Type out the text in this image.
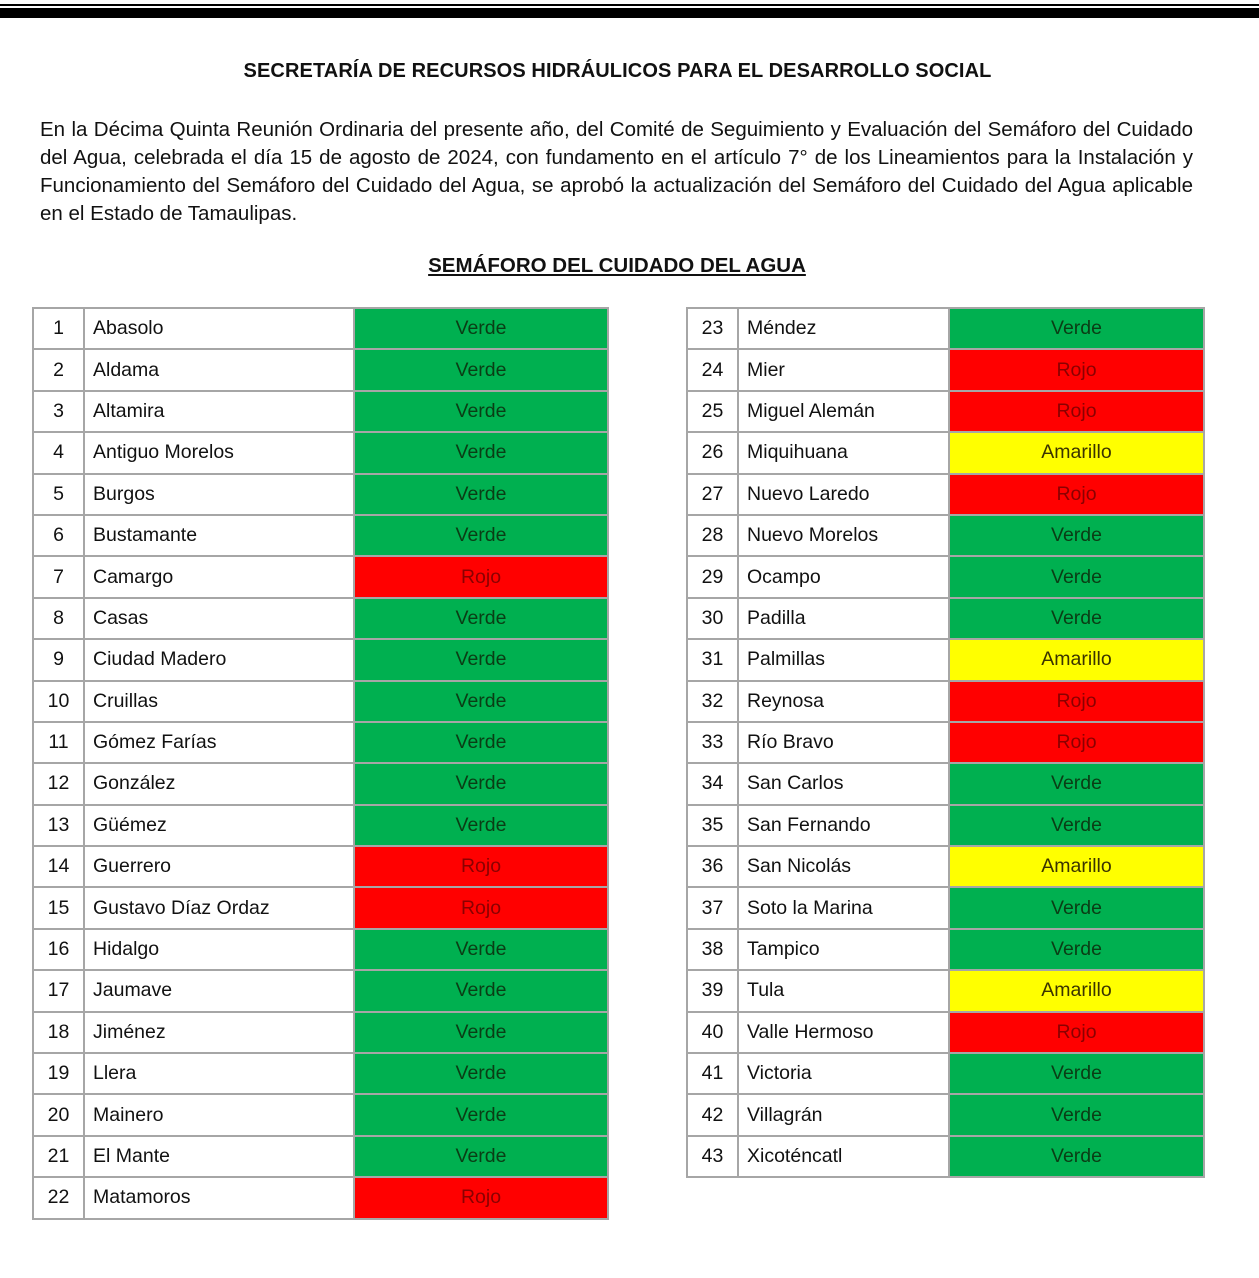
SECRETARÍA DE RECURSOS HIDRÁULICOS PARA EL DESARROLLO SOCIAL
En la Décima Quinta Reunión Ordinaria del presente año, del Comité de Seguimiento y Evaluación del Semáforo del Cuidado del Agua, celebrada el día 15 de agosto de 2024, con fundamento en el artículo 7° de los Lineamientos para la Instalación y Funcionamiento del Semáforo del Cuidado del Agua, se aprobó la actualización del Semáforo del Cuidado del Agua aplicable en el Estado de Tamaulipas.
SEMÁFORO DEL CUIDADO DEL AGUA
1	Abasolo	Verde
2	Aldama	Verde
3	Altamira	Verde
4	Antiguo Morelos	Verde
5	Burgos	Verde
6	Bustamante	Verde
7	Camargo	Rojo
8	Casas	Verde
9	Ciudad Madero	Verde
10	Cruillas	Verde
11	Gómez Farías	Verde
12	González	Verde
13	Güémez	Verde
14	Guerrero	Rojo
15	Gustavo Díaz Ordaz	Rojo
16	Hidalgo	Verde
17	Jaumave	Verde
18	Jiménez	Verde
19	Llera	Verde
20	Mainero	Verde
21	El Mante	Verde
22	Matamoros	Rojo
23	Méndez	Verde
24	Mier	Rojo
25	Miguel Alemán	Rojo
26	Miquihuana	Amarillo
27	Nuevo Laredo	Rojo
28	Nuevo Morelos	Verde
29	Ocampo	Verde
30	Padilla	Verde
31	Palmillas	Amarillo
32	Reynosa	Rojo
33	Río Bravo	Rojo
34	San Carlos	Verde
35	San Fernando	Verde
36	San Nicolás	Amarillo
37	Soto la Marina	Verde
38	Tampico	Verde
39	Tula	Amarillo
40	Valle Hermoso	Rojo
41	Victoria	Verde
42	Villagrán	Verde
43	Xicoténcatl	Verde
